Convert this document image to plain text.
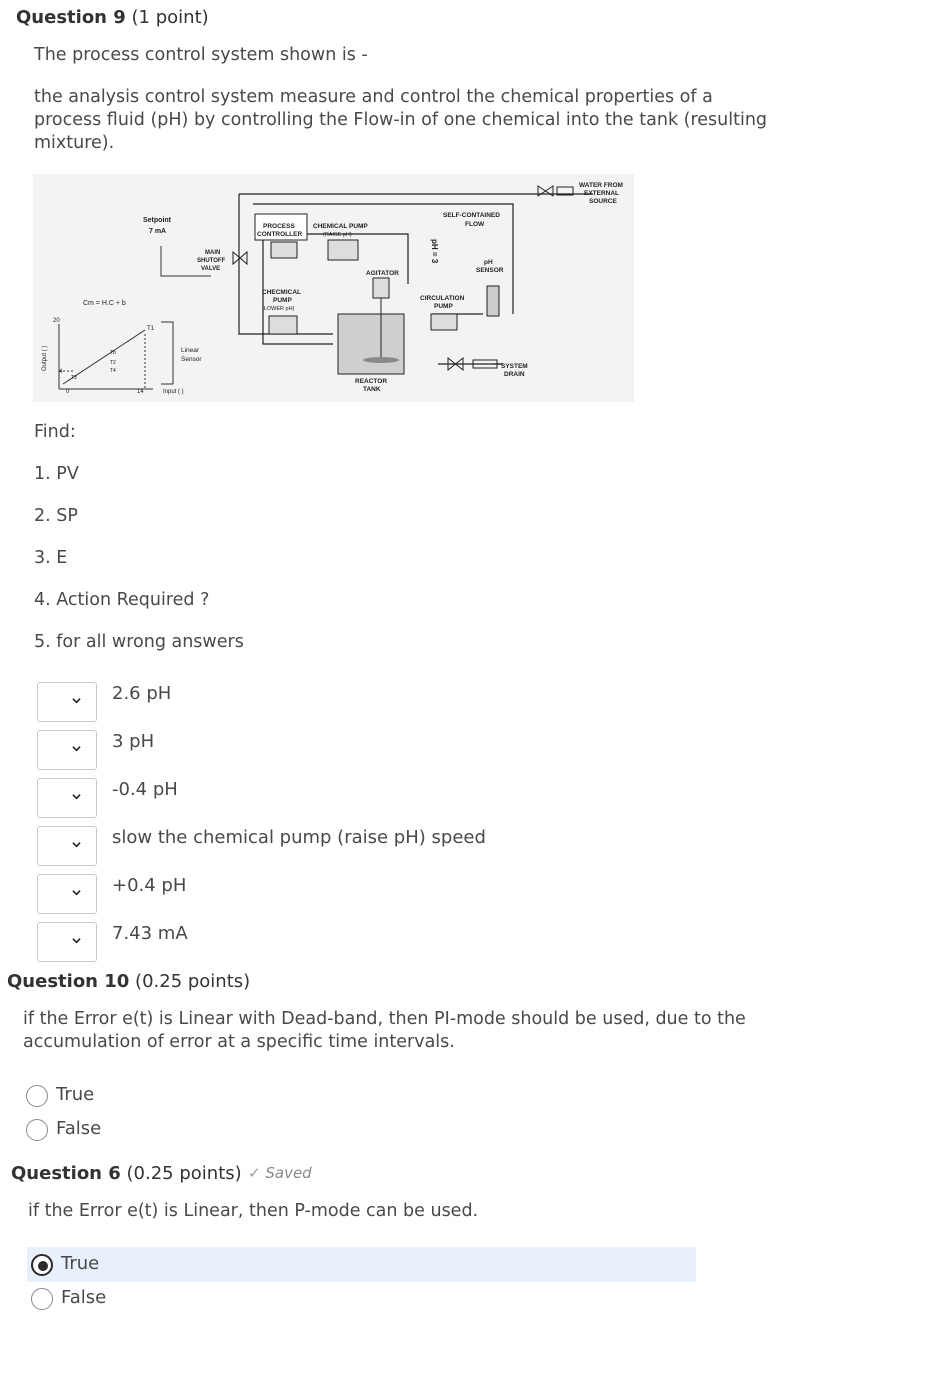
Question 9 (1 point)
The process control system shown is -
the analysis control system measure and control the chemical properties of a
process fluid (pH) by controlling the Flow-in of one chemical into the tank (resulting
mixture).
Cm = H.C + b
20
4
0	14
T1
Tb
T2
T4
T3
Output ( )
Input ( )
Linear
Sensor
Setpoint
7 mA
MAIN
SHUTOFF
VALVE
PROCESS
CONTROLLER
CHEMICAL PUMP
(RAISE pH)
SELF-CONTAINED
FLOW
pH = 3
AGITATOR
pH
SENSOR
CHECMICAL
PUMP
(LOWER pH)
CIRCULATION
PUMP
REACTOR
TANK
SYSTEM
DRAIN
WATER FROM
EXTERNAL
SOURCE
Find:
1. PV
2. SP
3. E
4. Action Required ?
5. for all wrong answers
2.6 pH
3 pH
-0.4 pH
slow the chemical pump (raise pH) speed
+0.4 pH
7.43 mA
Question 10 (0.25 points)
if the Error e(t) is Linear with Dead-band, then PI-mode should be used, due to the
accumulation of error at a specific time intervals.
True
False
Question 6 (0.25 points) ✓ Saved
if the Error e(t) is Linear, then P-mode can be used.
True
False
